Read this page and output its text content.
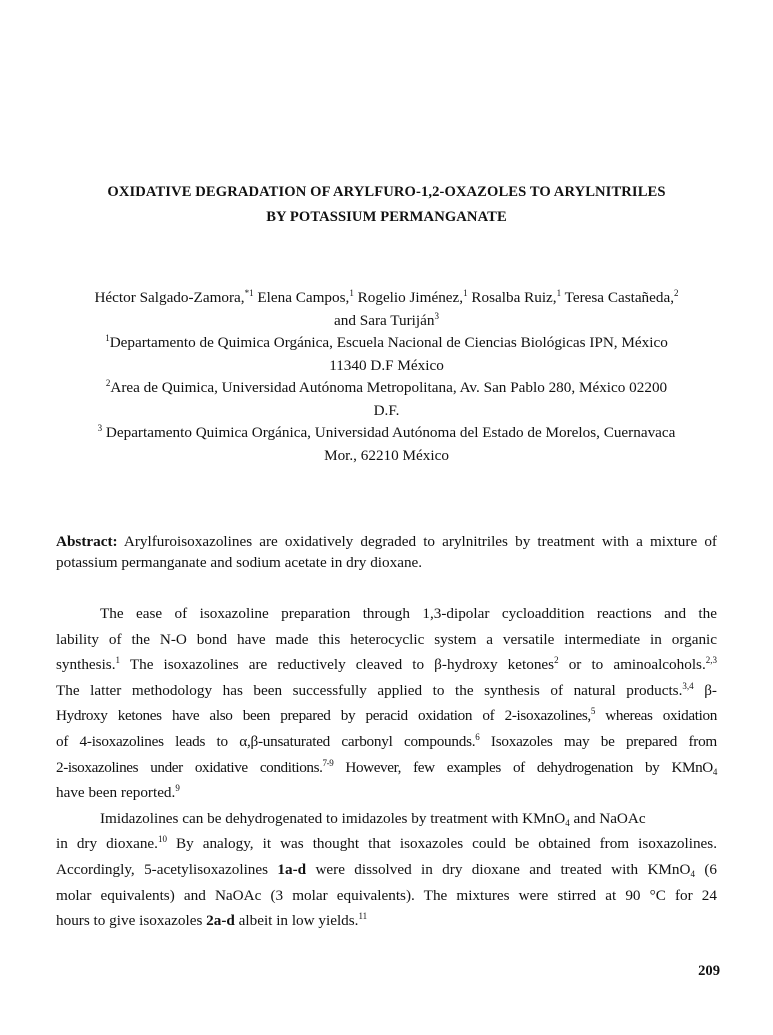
OXIDATIVE DEGRADATION OF ARYLFURO-1,2-OXAZOLES TO ARYLNITRILES
BY POTASSIUM PERMANGANATE
Héctor Salgado-Zamora,$^{*1}$ Elena Campos,$^1$ Rogelio Jiménez,$^1$ Rosalba Ruiz,$^1$ Teresa Castañeda,$^2$
and Sara Turiján$^3$
$^1$Departamento de Quimica Orgánica, Escuela Nacional de Ciencias Biológicas IPN, México
11340 D.F México
$^2$Area de Quimica, Universidad Autónoma Metropolitana, Av. San Pablo 280, México 02200
D.F.
$^3$ Departamento Quimica Orgánica, Universidad Autónoma del Estado de Morelos, Cuernavaca
Mor., 62210 México
Abstract: Arylfuroisoxazolines are oxidatively degraded to arylnitriles by treatment with a mixture of potassium permanganate and sodium acetate in dry dioxane.

The ease of isoxazoline preparation through 1,3-dipolar cycloaddition reactions and the
lability of the N-O bond have made this heterocyclic system a versatile intermediate in organic
synthesis.$^1$ The isoxazolines are reductively cleaved to β-hydroxy ketones$^2$ or to aminoalcohols.$^{2,3}$
The latter methodology has been successfully applied to the synthesis of natural products.$^{3,4}$ β-
Hydroxy ketones have also been prepared by peracid oxidation of 2-isoxazolines,$^5$ whereas oxidation
of 4-isoxazolines leads to α,β-unsaturated carbonyl compounds.$^6$ Isoxazoles may be prepared from
2-isoxazolines under oxidative conditions.$^{7-9}$ However, few examples of dehydrogenation by KMnO$_4$
have been reported.$^9$

Imidazolines can be dehydrogenated to imidazoles by treatment with KMnO$_4$ and NaOAc
in dry dioxane.$^{10}$ By analogy, it was thought that isoxazoles could be obtained from isoxazolines.
Accordingly, 5-acetylisoxazolines 1a-d were dissolved in dry dioxane and treated with KMnO$_4$ (6
molar equivalents) and NaOAc (3 molar equivalents). The mixtures were stirred at 90 °C for 24
hours to give isoxazoles 2a-d albeit in low yields.$^{11}$

209
